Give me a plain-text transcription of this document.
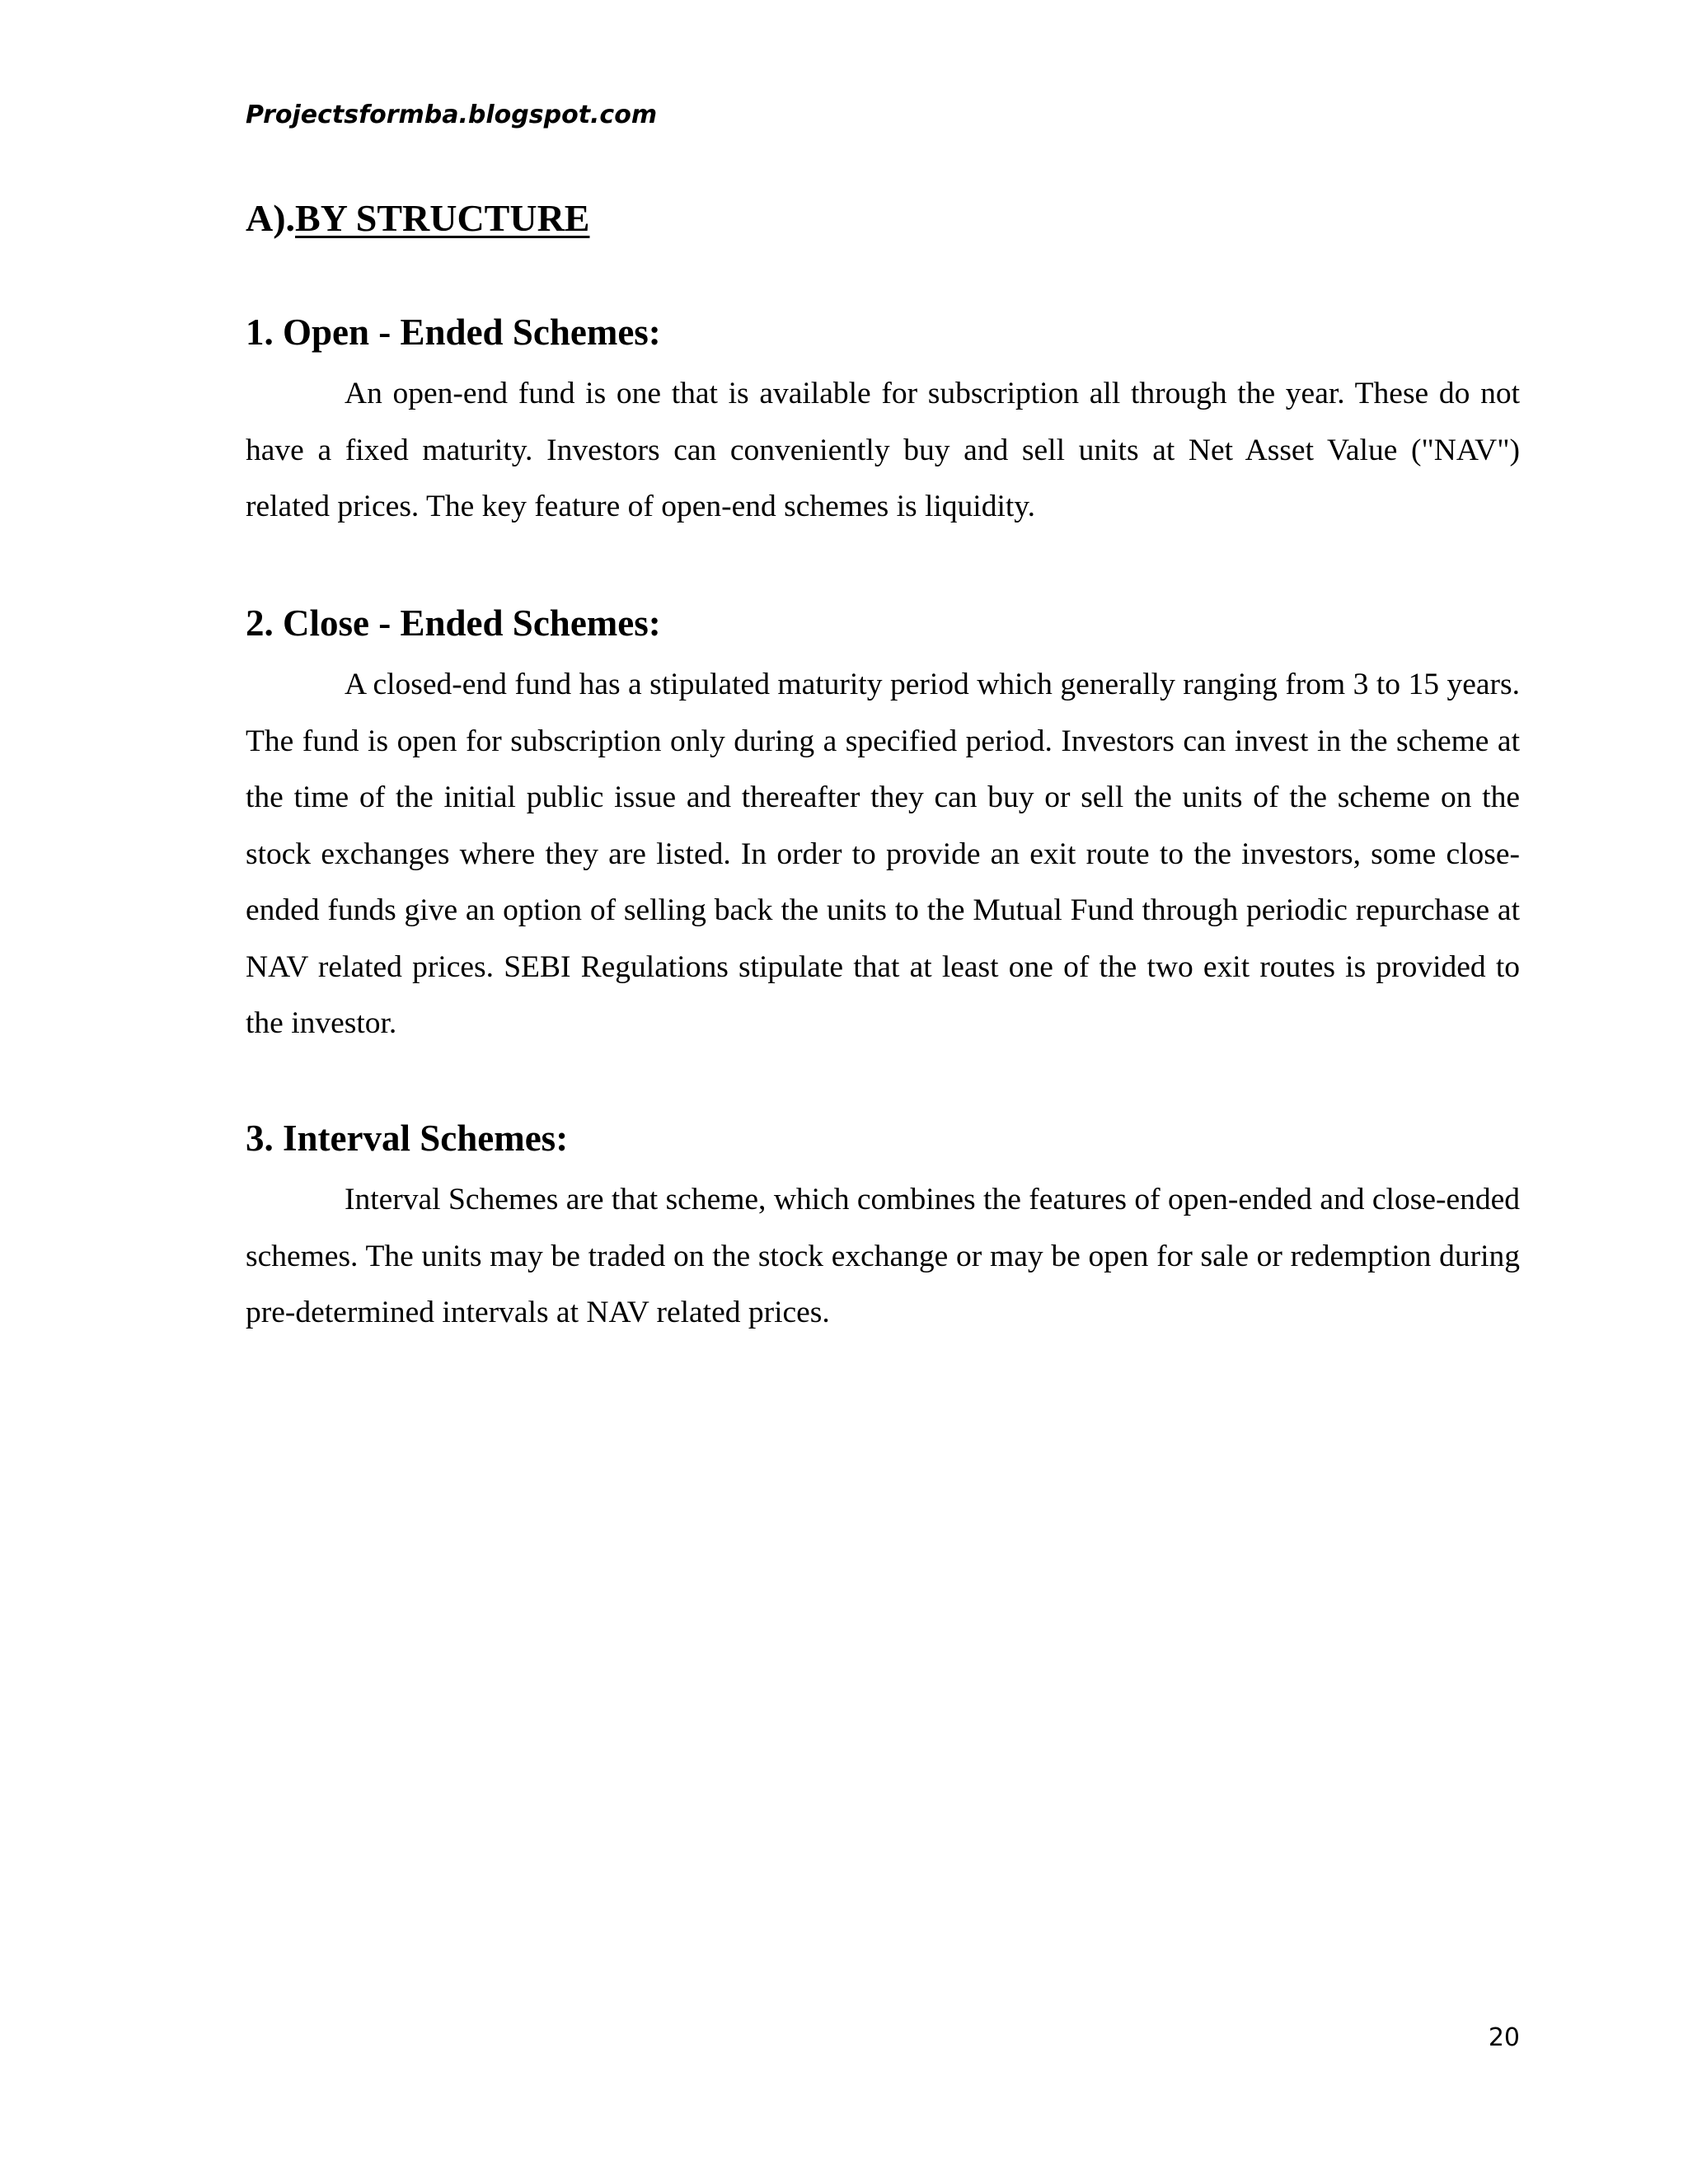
Projectsformba.blogspot.com
A).BY STRUCTURE
1. Open - Ended Schemes:

An open-end fund is one that is available for subscription all through the year. These do not have a fixed maturity. Investors can conveniently buy and sell units at Net Asset Value ("NAV") related prices. The key feature of open-end schemes is liquidity.

2. Close - Ended Schemes:

A closed-end fund has a stipulated maturity period which generally ranging from 3 to 15 years. The fund is open for subscription only during a specified period. Investors can invest in the scheme at the time of the initial public issue and thereafter they can buy or sell the units of the scheme on the stock exchanges where they are listed. In order to provide an exit route to the investors, some close-ended funds give an option of selling back the units to the Mutual Fund through periodic repurchase at NAV related prices. SEBI Regulations stipulate that at least one of the two exit routes is provided to the investor.

3. Interval Schemes:

Interval Schemes are that scheme, which combines the features of open-ended and close-ended schemes. The units may be traded on the stock exchange or may be open for sale or redemption during pre-determined intervals at NAV related prices.

20
